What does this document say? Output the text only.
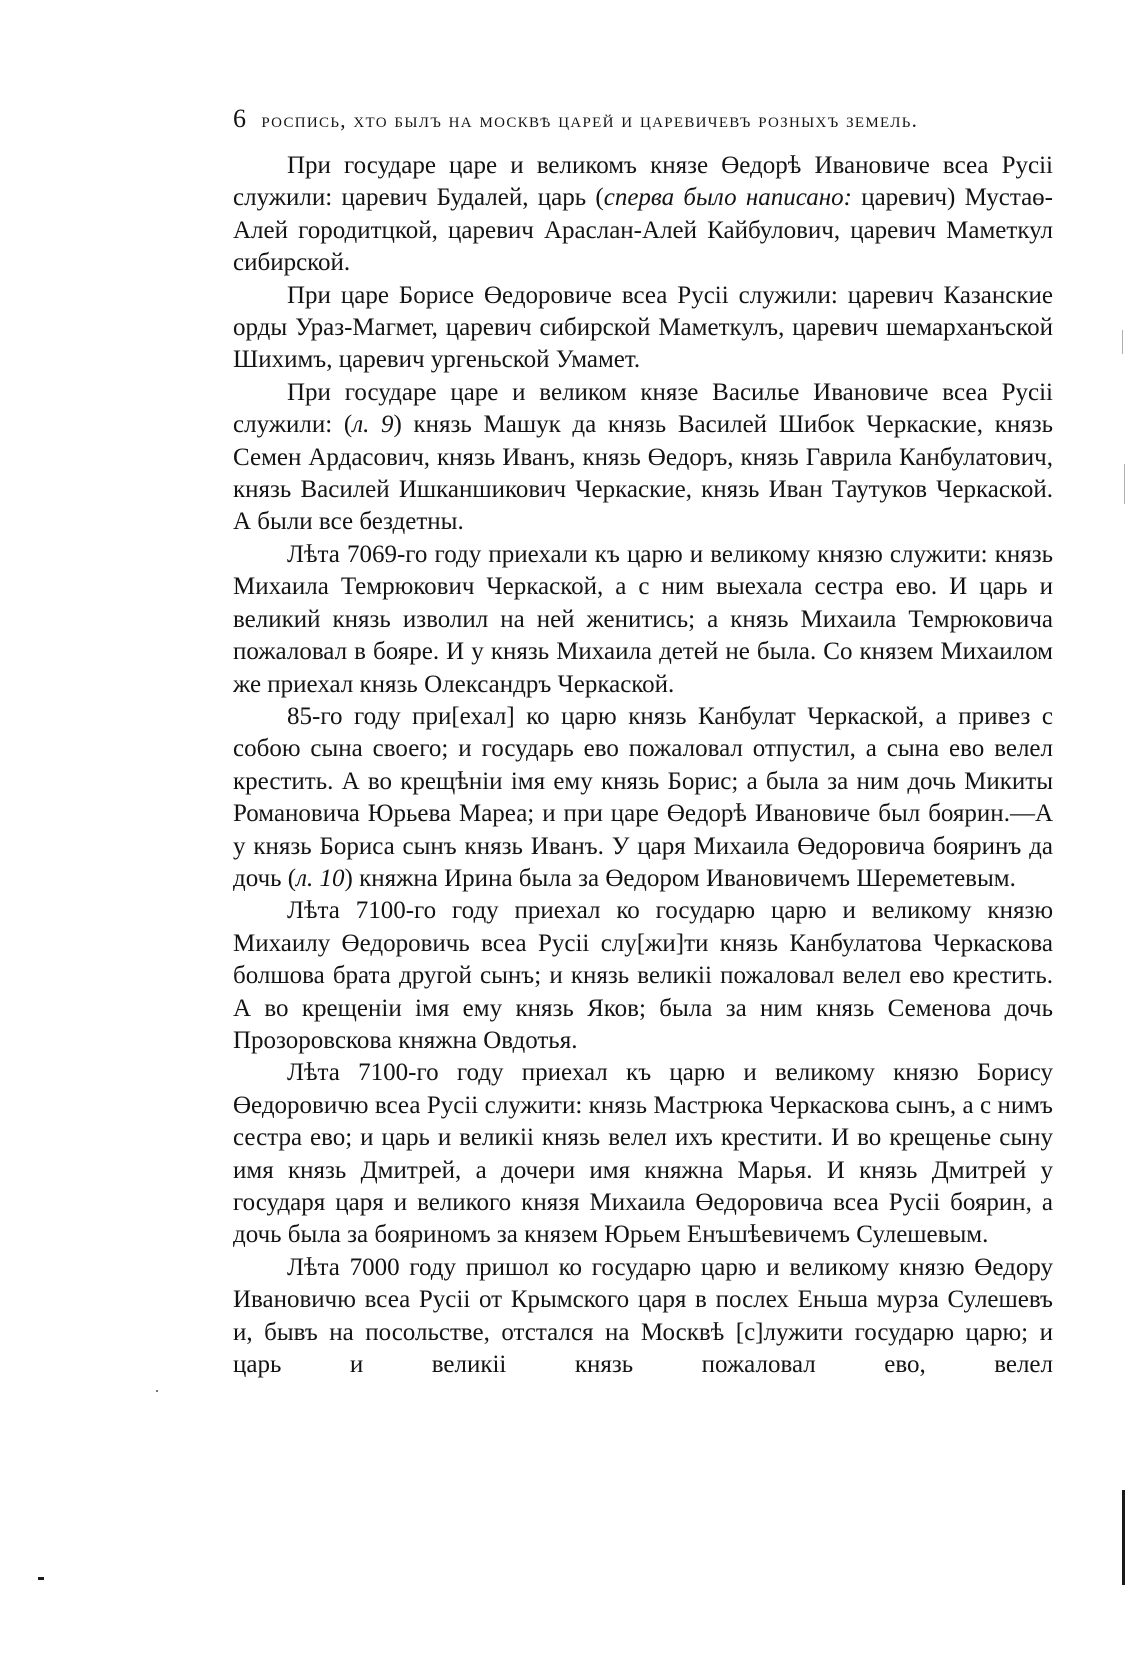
6 роспись, хто былъ на москвѣ царей и царевичевъ розныхъ земель.

При государе царе и великомъ князе Өедорѣ Ивановиче всеа Русіі служили: царевич Будалей, царь (сперва было написано: царевич) Мустаө-Алей городитцкой, царевич Араслан-Алей Кайбулович, царевич Маметкул сибирской.

При царе Борисе Өедоровиче всеа Русіі служили: царевич Казанские орды Ураз-Магмет, царевич сибирской Маметкулъ, царевич шемарханъской Шихимъ, царевич ургеньской Умамет.

При государе царе и великом князе Василье Ивановиче всеа Русіі служили: (л. 9) князь Машук да князь Василей Шибок Черкаские, князь Семен Ардасович, князь Иванъ, князь Өедоръ, князь Гаврила Канбулатович, князь Василей Ишканшикович Черкаские, князь Иван Таутуков Черкаской. А были все бездетны.

Лѣта 7069-го году приехали къ царю и великому князю служити: князь Михаила Темрюкович Черкаской, а с ним выехала сестра ево. И царь и великий князь изволил на ней женитись; а князь Михаила Темрюковича пожаловал в бояре. И у князь Михаила детей не была. Со князем Михаилом же приехал князь Олександръ Черкаской.

85-го году при[ехал] ко царю князь Канбулат Черкаской, а привез с собою сына своего; и государь ево пожаловал отпустил, а сына ево велел крестить. А во крещѣніи імя ему князь Борис; а была за ним дочь Микиты Романовича Юрьева Мареа; и при царе Өедорѣ Ивановиче был боярин.—А у князь Бориса сынъ князь Иванъ. У царя Михаила Өедоровича бояринъ да дочь (л. 10) княжна Ирина была за Өедором Ивановичемъ Шереметевым.

Лѣта 7100-го году приехал ко государю царю и великому князю Михаилу Өедоровичь всеа Русіі слу[жи]ти князь Канбулатова Черкаскова болшова брата другой сынъ; и князь великіі пожаловал велел ево крестить. А во крещеніи імя ему князь Яков; была за ним князь Семенова дочь Прозоровскова княжна Овдотья.

Лѣта 7100-го году приехал къ царю и великому князю Борису Өедоровичю всеа Русіі служити: князь Мастрюка Черкаскова сынъ, а с нимъ сестра ево; и царь и великіі князь велел ихъ крестити. И во крещенье сыну имя князь Дмитрей, а дочери имя княжна Марья. И князь Дмитрей у государя царя и великого князя Михаила Өедоровича всеа Русіі боярин, а дочь была за бояриномъ за князем Юрьем Енъшѣевичемъ Сулешевым.

Лѣта 7000 году пришол ко государю царю и великому князю Өедору Ивановичю всеа Русіі от Крымского царя в послех Еньша мурза Сулешевъ и, бывъ на посольстве, отстался на Москвѣ [с]лужити государю царю; и царь и великіі князь пожаловал ево, велел
